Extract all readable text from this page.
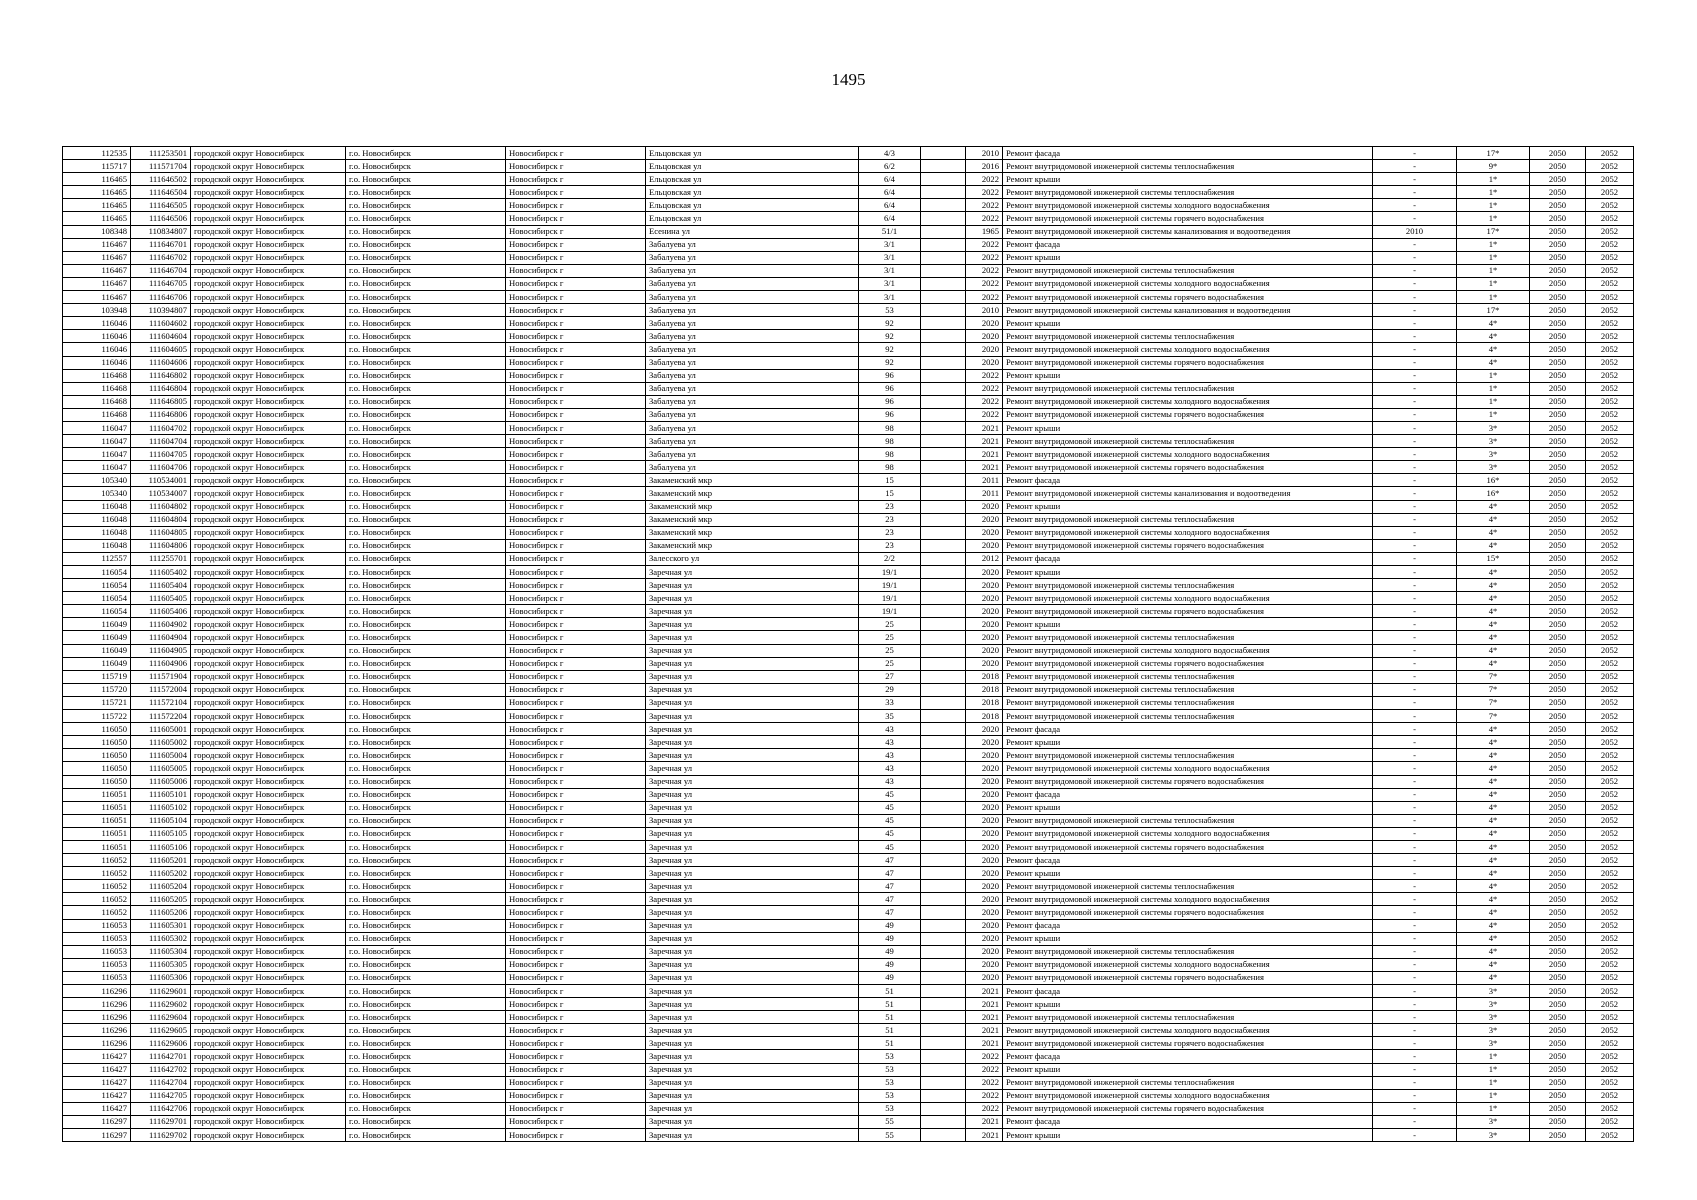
1495
112535	111253501	городской округ Новосибирск	г.о. Новосибирск	Новосибирск г	Ельцовская ул	4/3		2010	Ремонт фасада	-	17*	2050	2052
115717	111571704	городской округ Новосибирск	г.о. Новосибирск	Новосибирск г	Ельцовская ул	6/2		2016	Ремонт внутридомовой инженерной системы теплоснабжения	-	9*	2050	2052
116465	111646502	городской округ Новосибирск	г.о. Новосибирск	Новосибирск г	Ельцовская ул	6/4		2022	Ремонт крыши	-	1*	2050	2052
116465	111646504	городской округ Новосибирск	г.о. Новосибирск	Новосибирск г	Ельцовская ул	6/4		2022	Ремонт внутридомовой инженерной системы теплоснабжения	-	1*	2050	2052
116465	111646505	городской округ Новосибирск	г.о. Новосибирск	Новосибирск г	Ельцовская ул	6/4		2022	Ремонт внутридомовой инженерной системы холодного водоснабжения	-	1*	2050	2052
116465	111646506	городской округ Новосибирск	г.о. Новосибирск	Новосибирск г	Ельцовская ул	6/4		2022	Ремонт внутридомовой инженерной системы горячего водоснабжения	-	1*	2050	2052
108348	110834807	городской округ Новосибирск	г.о. Новосибирск	Новосибирск г	Есенина ул	51/1		1965	Ремонт внутридомовой инженерной системы канализования и водоотведения	2010	17*	2050	2052
116467	111646701	городской округ Новосибирск	г.о. Новосибирск	Новосибирск г	Забалуева ул	3/1		2022	Ремонт фасада	-	1*	2050	2052
116467	111646702	городской округ Новосибирск	г.о. Новосибирск	Новосибирск г	Забалуева ул	3/1		2022	Ремонт крыши	-	1*	2050	2052
116467	111646704	городской округ Новосибирск	г.о. Новосибирск	Новосибирск г	Забалуева ул	3/1		2022	Ремонт внутридомовой инженерной системы теплоснабжения	-	1*	2050	2052
116467	111646705	городской округ Новосибирск	г.о. Новосибирск	Новосибирск г	Забалуева ул	3/1		2022	Ремонт внутридомовой инженерной системы холодного водоснабжения	-	1*	2050	2052
116467	111646706	городской округ Новосибирск	г.о. Новосибирск	Новосибирск г	Забалуева ул	3/1		2022	Ремонт внутридомовой инженерной системы горячего водоснабжения	-	1*	2050	2052
103948	110394807	городской округ Новосибирск	г.о. Новосибирск	Новосибирск г	Забалуева ул	53		2010	Ремонт внутридомовой инженерной системы канализования и водоотведения	-	17*	2050	2052
116046	111604602	городской округ Новосибирск	г.о. Новосибирск	Новосибирск г	Забалуева ул	92		2020	Ремонт крыши	-	4*	2050	2052
116046	111604604	городской округ Новосибирск	г.о. Новосибирск	Новосибирск г	Забалуева ул	92		2020	Ремонт внутридомовой инженерной системы теплоснабжения	-	4*	2050	2052
116046	111604605	городской округ Новосибирск	г.о. Новосибирск	Новосибирск г	Забалуева ул	92		2020	Ремонт внутридомовой инженерной системы холодного водоснабжения	-	4*	2050	2052
116046	111604606	городской округ Новосибирск	г.о. Новосибирск	Новосибирск г	Забалуева ул	92		2020	Ремонт внутридомовой инженерной системы горячего водоснабжения	-	4*	2050	2052
116468	111646802	городской округ Новосибирск	г.о. Новосибирск	Новосибирск г	Забалуева ул	96		2022	Ремонт крыши	-	1*	2050	2052
116468	111646804	городской округ Новосибирск	г.о. Новосибирск	Новосибирск г	Забалуева ул	96		2022	Ремонт внутридомовой инженерной системы теплоснабжения	-	1*	2050	2052
116468	111646805	городской округ Новосибирск	г.о. Новосибирск	Новосибирск г	Забалуева ул	96		2022	Ремонт внутридомовой инженерной системы холодного водоснабжения	-	1*	2050	2052
116468	111646806	городской округ Новосибирск	г.о. Новосибирск	Новосибирск г	Забалуева ул	96		2022	Ремонт внутридомовой инженерной системы горячего водоснабжения	-	1*	2050	2052
116047	111604702	городской округ Новосибирск	г.о. Новосибирск	Новосибирск г	Забалуева ул	98		2021	Ремонт крыши	-	3*	2050	2052
116047	111604704	городской округ Новосибирск	г.о. Новосибирск	Новосибирск г	Забалуева ул	98		2021	Ремонт внутридомовой инженерной системы теплоснабжения	-	3*	2050	2052
116047	111604705	городской округ Новосибирск	г.о. Новосибирск	Новосибирск г	Забалуева ул	98		2021	Ремонт внутридомовой инженерной системы холодного водоснабжения	-	3*	2050	2052
116047	111604706	городской округ Новосибирск	г.о. Новосибирск	Новосибирск г	Забалуева ул	98		2021	Ремонт внутридомовой инженерной системы горячего водоснабжения	-	3*	2050	2052
105340	110534001	городской округ Новосибирск	г.о. Новосибирск	Новосибирск г	Закаменский мкр	15		2011	Ремонт фасада	-	16*	2050	2052
105340	110534007	городской округ Новосибирск	г.о. Новосибирск	Новосибирск г	Закаменский мкр	15		2011	Ремонт внутридомовой инженерной системы канализования и водоотведения	-	16*	2050	2052
116048	111604802	городской округ Новосибирск	г.о. Новосибирск	Новосибирск г	Закаменский мкр	23		2020	Ремонт крыши	-	4*	2050	2052
116048	111604804	городской округ Новосибирск	г.о. Новосибирск	Новосибирск г	Закаменский мкр	23		2020	Ремонт внутридомовой инженерной системы теплоснабжения	-	4*	2050	2052
116048	111604805	городской округ Новосибирск	г.о. Новосибирск	Новосибирск г	Закаменский мкр	23		2020	Ремонт внутридомовой инженерной системы холодного водоснабжения	-	4*	2050	2052
116048	111604806	городской округ Новосибирск	г.о. Новосибирск	Новосибирск г	Закаменский мкр	23		2020	Ремонт внутридомовой инженерной системы горячего водоснабжения	-	4*	2050	2052
112557	111255701	городской округ Новосибирск	г.о. Новосибирск	Новосибирск г	Залесского ул	2/2		2012	Ремонт фасада	-	15*	2050	2052
116054	111605402	городской округ Новосибирск	г.о. Новосибирск	Новосибирск г	Заречная ул	19/1		2020	Ремонт крыши	-	4*	2050	2052
116054	111605404	городской округ Новосибирск	г.о. Новосибирск	Новосибирск г	Заречная ул	19/1		2020	Ремонт внутридомовой инженерной системы теплоснабжения	-	4*	2050	2052
116054	111605405	городской округ Новосибирск	г.о. Новосибирск	Новосибирск г	Заречная ул	19/1		2020	Ремонт внутридомовой инженерной системы холодного водоснабжения	-	4*	2050	2052
116054	111605406	городской округ Новосибирск	г.о. Новосибирск	Новосибирск г	Заречная ул	19/1		2020	Ремонт внутридомовой инженерной системы горячего водоснабжения	-	4*	2050	2052
116049	111604902	городской округ Новосибирск	г.о. Новосибирск	Новосибирск г	Заречная ул	25		2020	Ремонт крыши	-	4*	2050	2052
116049	111604904	городской округ Новосибирск	г.о. Новосибирск	Новосибирск г	Заречная ул	25		2020	Ремонт внутридомовой инженерной системы теплоснабжения	-	4*	2050	2052
116049	111604905	городской округ Новосибирск	г.о. Новосибирск	Новосибирск г	Заречная ул	25		2020	Ремонт внутридомовой инженерной системы холодного водоснабжения	-	4*	2050	2052
116049	111604906	городской округ Новосибирск	г.о. Новосибирск	Новосибирск г	Заречная ул	25		2020	Ремонт внутридомовой инженерной системы горячего водоснабжения	-	4*	2050	2052
115719	111571904	городской округ Новосибирск	г.о. Новосибирск	Новосибирск г	Заречная ул	27		2018	Ремонт внутридомовой инженерной системы теплоснабжения	-	7*	2050	2052
115720	111572004	городской округ Новосибирск	г.о. Новосибирск	Новосибирск г	Заречная ул	29		2018	Ремонт внутридомовой инженерной системы теплоснабжения	-	7*	2050	2052
115721	111572104	городской округ Новосибирск	г.о. Новосибирск	Новосибирск г	Заречная ул	33		2018	Ремонт внутридомовой инженерной системы теплоснабжения	-	7*	2050	2052
115722	111572204	городской округ Новосибирск	г.о. Новосибирск	Новосибирск г	Заречная ул	35		2018	Ремонт внутридомовой инженерной системы теплоснабжения	-	7*	2050	2052
116050	111605001	городской округ Новосибирск	г.о. Новосибирск	Новосибирск г	Заречная ул	43		2020	Ремонт фасада	-	4*	2050	2052
116050	111605002	городской округ Новосибирск	г.о. Новосибирск	Новосибирск г	Заречная ул	43		2020	Ремонт крыши	-	4*	2050	2052
116050	111605004	городской округ Новосибирск	г.о. Новосибирск	Новосибирск г	Заречная ул	43		2020	Ремонт внутридомовой инженерной системы теплоснабжения	-	4*	2050	2052
116050	111605005	городской округ Новосибирск	г.о. Новосибирск	Новосибирск г	Заречная ул	43		2020	Ремонт внутридомовой инженерной системы холодного водоснабжения	-	4*	2050	2052
116050	111605006	городской округ Новосибирск	г.о. Новосибирск	Новосибирск г	Заречная ул	43		2020	Ремонт внутридомовой инженерной системы горячего водоснабжения	-	4*	2050	2052
116051	111605101	городской округ Новосибирск	г.о. Новосибирск	Новосибирск г	Заречная ул	45		2020	Ремонт фасада	-	4*	2050	2052
116051	111605102	городской округ Новосибирск	г.о. Новосибирск	Новосибирск г	Заречная ул	45		2020	Ремонт крыши	-	4*	2050	2052
116051	111605104	городской округ Новосибирск	г.о. Новосибирск	Новосибирск г	Заречная ул	45		2020	Ремонт внутридомовой инженерной системы теплоснабжения	-	4*	2050	2052
116051	111605105	городской округ Новосибирск	г.о. Новосибирск	Новосибирск г	Заречная ул	45		2020	Ремонт внутридомовой инженерной системы холодного водоснабжения	-	4*	2050	2052
116051	111605106	городской округ Новосибирск	г.о. Новосибирск	Новосибирск г	Заречная ул	45		2020	Ремонт внутридомовой инженерной системы горячего водоснабжения	-	4*	2050	2052
116052	111605201	городской округ Новосибирск	г.о. Новосибирск	Новосибирск г	Заречная ул	47		2020	Ремонт фасада	-	4*	2050	2052
116052	111605202	городской округ Новосибирск	г.о. Новосибирск	Новосибирск г	Заречная ул	47		2020	Ремонт крыши	-	4*	2050	2052
116052	111605204	городской округ Новосибирск	г.о. Новосибирск	Новосибирск г	Заречная ул	47		2020	Ремонт внутридомовой инженерной системы теплоснабжения	-	4*	2050	2052
116052	111605205	городской округ Новосибирск	г.о. Новосибирск	Новосибирск г	Заречная ул	47		2020	Ремонт внутридомовой инженерной системы холодного водоснабжения	-	4*	2050	2052
116052	111605206	городской округ Новосибирск	г.о. Новосибирск	Новосибирск г	Заречная ул	47		2020	Ремонт внутридомовой инженерной системы горячего водоснабжения	-	4*	2050	2052
116053	111605301	городской округ Новосибирск	г.о. Новосибирск	Новосибирск г	Заречная ул	49		2020	Ремонт фасада	-	4*	2050	2052
116053	111605302	городской округ Новосибирск	г.о. Новосибирск	Новосибирск г	Заречная ул	49		2020	Ремонт крыши	-	4*	2050	2052
116053	111605304	городской округ Новосибирск	г.о. Новосибирск	Новосибирск г	Заречная ул	49		2020	Ремонт внутридомовой инженерной системы теплоснабжения	-	4*	2050	2052
116053	111605305	городской округ Новосибирск	г.о. Новосибирск	Новосибирск г	Заречная ул	49		2020	Ремонт внутридомовой инженерной системы холодного водоснабжения	-	4*	2050	2052
116053	111605306	городской округ Новосибирск	г.о. Новосибирск	Новосибирск г	Заречная ул	49		2020	Ремонт внутридомовой инженерной системы горячего водоснабжения	-	4*	2050	2052
116296	111629601	городской округ Новосибирск	г.о. Новосибирск	Новосибирск г	Заречная ул	51		2021	Ремонт фасада	-	3*	2050	2052
116296	111629602	городской округ Новосибирск	г.о. Новосибирск	Новосибирск г	Заречная ул	51		2021	Ремонт крыши	-	3*	2050	2052
116296	111629604	городской округ Новосибирск	г.о. Новосибирск	Новосибирск г	Заречная ул	51		2021	Ремонт внутридомовой инженерной системы теплоснабжения	-	3*	2050	2052
116296	111629605	городской округ Новосибирск	г.о. Новосибирск	Новосибирск г	Заречная ул	51		2021	Ремонт внутридомовой инженерной системы холодного водоснабжения	-	3*	2050	2052
116296	111629606	городской округ Новосибирск	г.о. Новосибирск	Новосибирск г	Заречная ул	51		2021	Ремонт внутридомовой инженерной системы горячего водоснабжения	-	3*	2050	2052
116427	111642701	городской округ Новосибирск	г.о. Новосибирск	Новосибирск г	Заречная ул	53		2022	Ремонт фасада	-	1*	2050	2052
116427	111642702	городской округ Новосибирск	г.о. Новосибирск	Новосибирск г	Заречная ул	53		2022	Ремонт крыши	-	1*	2050	2052
116427	111642704	городской округ Новосибирск	г.о. Новосибирск	Новосибирск г	Заречная ул	53		2022	Ремонт внутридомовой инженерной системы теплоснабжения	-	1*	2050	2052
116427	111642705	городской округ Новосибирск	г.о. Новосибирск	Новосибирск г	Заречная ул	53		2022	Ремонт внутридомовой инженерной системы холодного водоснабжения	-	1*	2050	2052
116427	111642706	городской округ Новосибирск	г.о. Новосибирск	Новосибирск г	Заречная ул	53		2022	Ремонт внутридомовой инженерной системы горячего водоснабжения	-	1*	2050	2052
116297	111629701	городской округ Новосибирск	г.о. Новосибирск	Новосибирск г	Заречная ул	55		2021	Ремонт фасада	-	3*	2050	2052
116297	111629702	городской округ Новосибирск	г.о. Новосибирск	Новосибирск г	Заречная ул	55		2021	Ремонт крыши	-	3*	2050	2052
